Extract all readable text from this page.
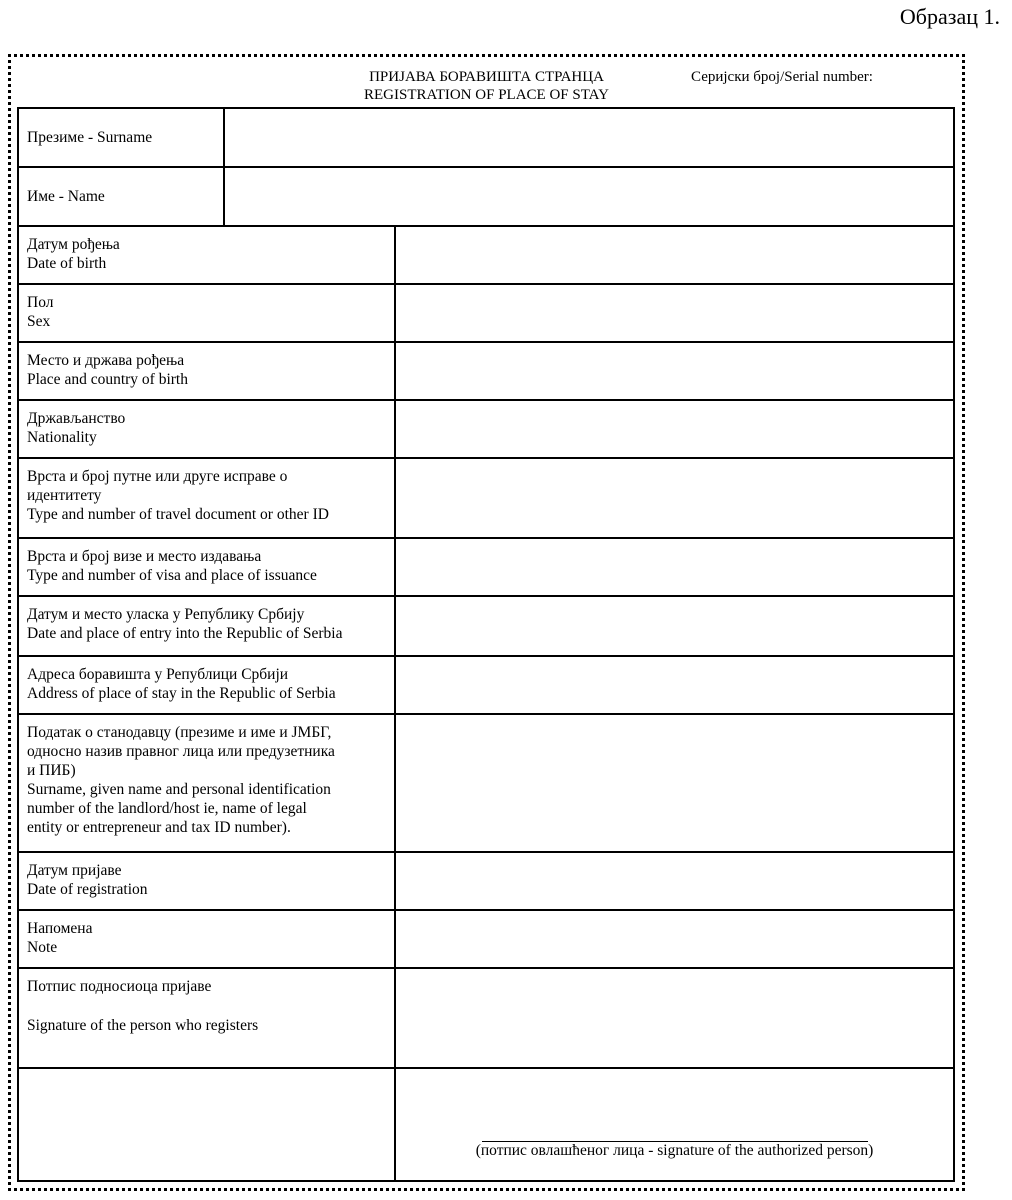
Образац 1.
ПРИЈАВА БОРАВИШТА СТРАНЦА
REGISTRATION OF PLACE OF STAY
Серијски број/Serial number:
Презиме - Surname
Име - Name
Датум рођења
Date of birth
Пол
Sex
Место и држава рођења
Place and country of birth
Држављанство
Nationality
Врста и број путне или друге исправе о
идентитету
Type and number of travel document or other ID
Врста и број визе и место издавања
Type and number of visa and place of issuance
Датум и место уласка у Републику Србију
Date and place of entry into the Republic of Serbia
Адреса боравишта у Републици Србији
Address of place of stay in the Republic of Serbia
Податак о станодавцу (презиме и име и ЈМБГ,
односно назив правног лица или предузетника
и ПИБ)
Surname, given name and personal identification
number of the landlord/host ie, name of legal
entity or entrepreneur and tax ID number).
Датум пријаве
Date of registration
Напомена
Note
Потпис подносиоца пријаве
Signature of the person who registers
(потпис овлашћеног лица - signature of the authorized person)
